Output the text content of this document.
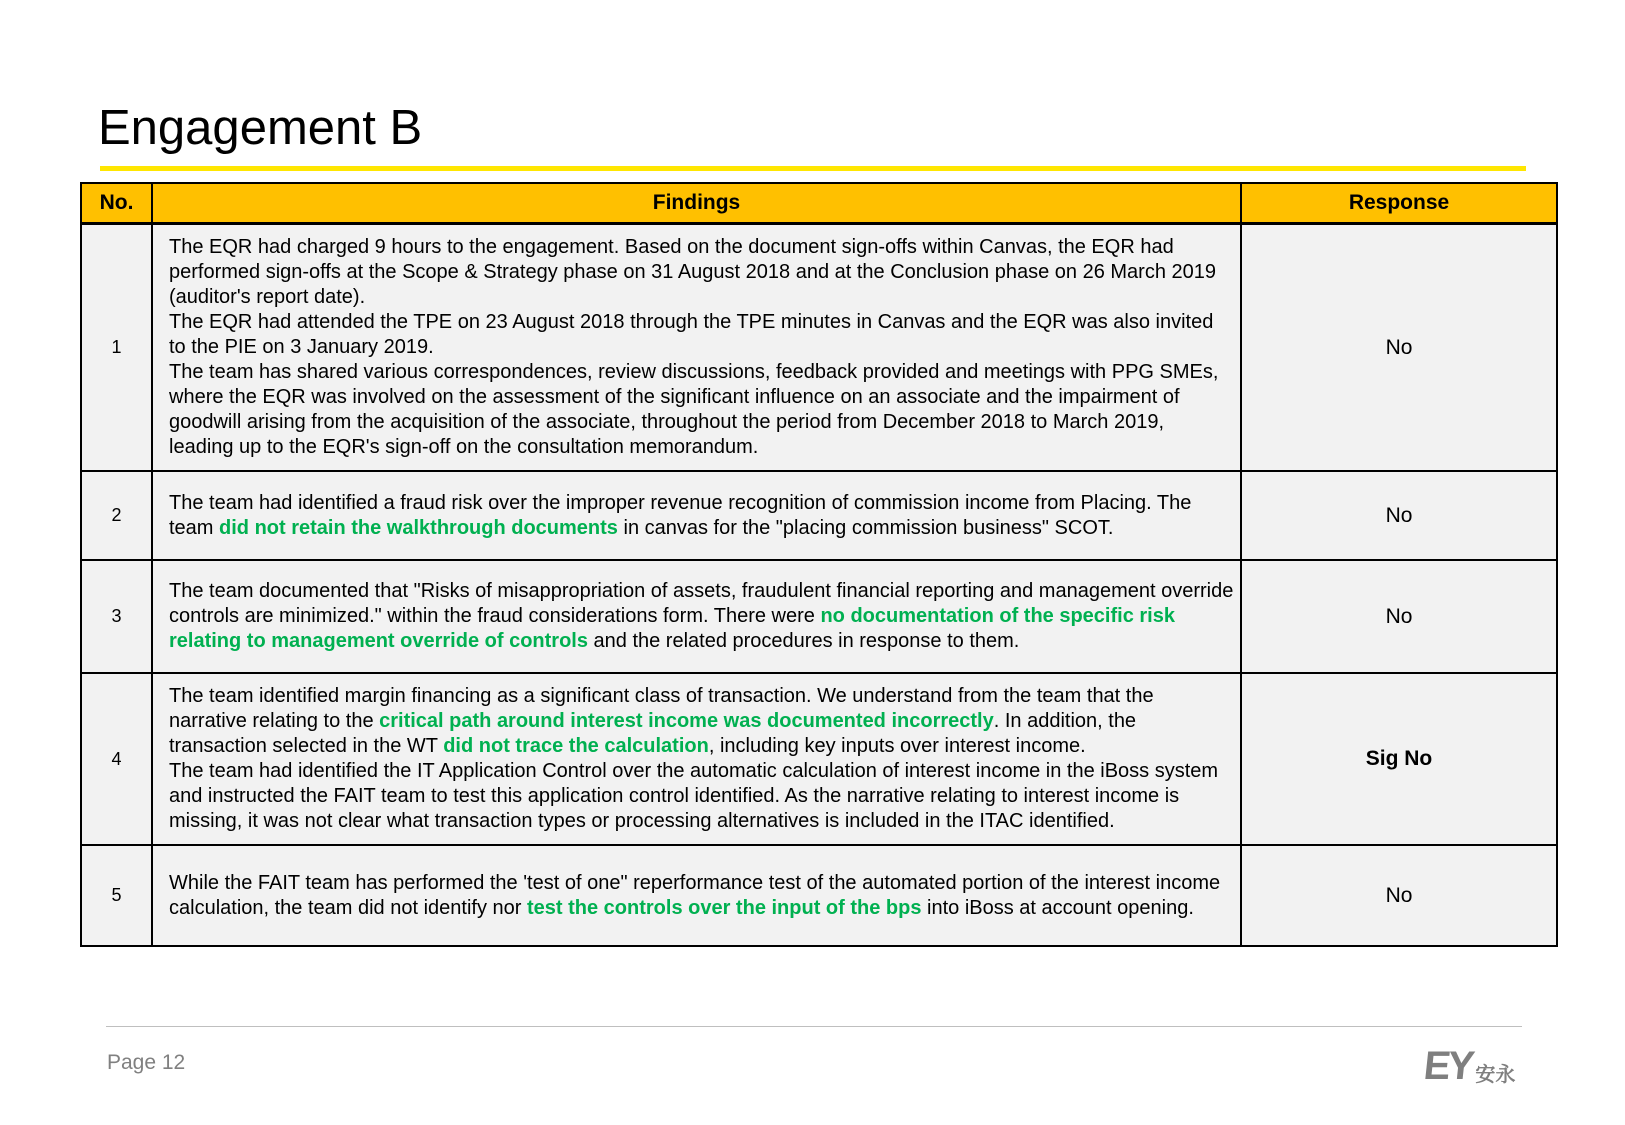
Engagement B
No.	Findings	Response
1	The EQR had charged 9 hours to the engagement. Based on the document sign-offs within Canvas, the EQR had performed sign-offs at the Scope & Strategy phase on 31 August 2018 and at the Conclusion phase on 26 March 2019 (auditor's report date).
The EQR had attended the TPE on 23 August 2018 through the TPE minutes in Canvas and the EQR was also invited to the PIE on 3 January 2019.
The team has shared various correspondences, review discussions, feedback provided and meetings with PPG SMEs, where the EQR was involved on the assessment of the significant influence on an associate and the impairment of goodwill arising from the acquisition of the associate, throughout the period from December 2018 to March 2019, leading up to the EQR's sign-off on the consultation memorandum.	No
2	The team had identified a fraud risk over the improper revenue recognition of commission income from Placing. The team did not retain the walkthrough documents in canvas for the "placing commission business" SCOT.	No
3	The team documented that "Risks of misappropriation of assets, fraudulent financial reporting and management override controls are minimized." within the fraud considerations form. There were no documentation of the specific risk relating to management override of controls and the related procedures in response to them.	No
4	The team identified margin financing as a significant class of transaction. We understand from the team that the narrative relating to the critical path around interest income was documented incorrectly. In addition, the transaction selected in the WT did not trace the calculation, including key inputs over interest income.
The team had identified the IT Application Control over the automatic calculation of interest income in the iBoss system and instructed the FAIT team to test this application control identified. As the narrative relating to interest income is missing, it was not clear what transaction types or processing alternatives is included in the ITAC identified.	Sig No
5	While the FAIT team has performed the 'test of one" reperformance test of the automated portion of the interest income calculation, the team did not identify nor test the controls over the input of the bps into iBoss at account opening.	No
Page 12	EY 安永
